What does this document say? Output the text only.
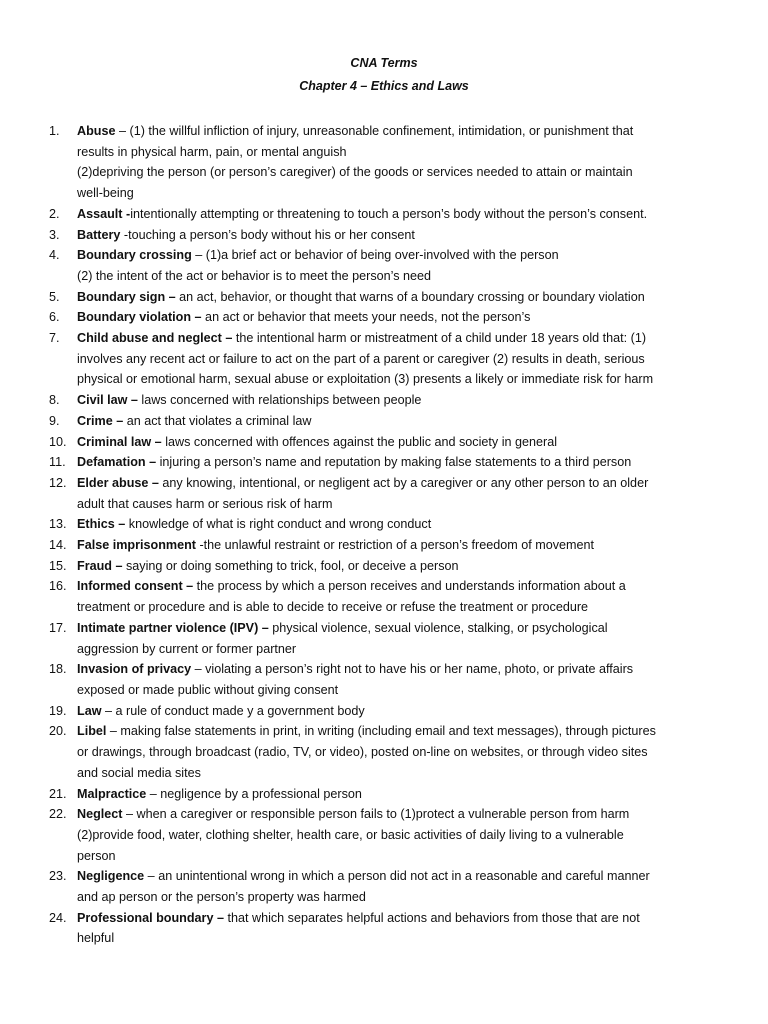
CNA Terms
Chapter 4 – Ethics and Laws
1. Abuse – (1) the willful infliction of injury, unreasonable confinement, intimidation, or punishment that
results in physical harm, pain, or mental anguish
(2)depriving the person (or person’s caregiver) of the goods or services needed to attain or maintain
well-being
2. Assault -intentionally attempting or threatening to touch a person’s body without the person’s consent.
3. Battery -touching a person’s body without his or her consent
4. Boundary crossing – (1)a brief act or behavior of being over-involved with the person
(2) the intent of the act or behavior is to meet the person’s need
5. Boundary sign – an act, behavior, or thought that warns of a boundary crossing or boundary violation
6. Boundary violation – an act or behavior that meets your needs, not the person’s
7. Child abuse and neglect – the intentional harm or mistreatment of a child under 18 years old that: (1)
involves any recent act or failure to act on the part of a parent or caregiver (2) results in death, serious
physical or emotional harm, sexual abuse or exploitation (3) presents a likely or immediate risk for harm
8. Civil law – laws concerned with relationships between people
9. Crime – an act that violates a criminal law
10. Criminal law – laws concerned with offences against the public and society in general
11. Defamation – injuring a person’s name and reputation by making false statements to a third person
12. Elder abuse – any knowing, intentional, or negligent act by a caregiver or any other person to an older
adult that causes harm or serious risk of harm
13. Ethics – knowledge of what is right conduct and wrong conduct
14. False imprisonment -the unlawful restraint or restriction of a person’s freedom of movement
15. Fraud – saying or doing something to trick, fool, or deceive a person
16. Informed consent – the process by which a person receives and understands information about a
treatment or procedure and is able to decide to receive or refuse the treatment or procedure
17. Intimate partner violence (IPV) – physical violence, sexual violence, stalking, or psychological
aggression by current or former partner
18. Invasion of privacy – violating a person’s right not to have his or her name, photo, or private affairs
exposed or made public without giving consent
19. Law – a rule of conduct made y a government body
20. Libel – making false statements in print, in writing (including email and text messages), through pictures
or drawings, through broadcast (radio, TV, or video), posted on-line on websites, or through video sites
and social media sites
21. Malpractice – negligence by a professional person
22. Neglect – when a caregiver or responsible person fails to (1)protect a vulnerable person from harm
(2)provide food, water, clothing shelter, health care, or basic activities of daily living to a vulnerable
person
23. Negligence – an unintentional wrong in which a person did not act in a reasonable and careful manner
and ap person or the person’s property was harmed
24. Professional boundary – that which separates helpful actions and behaviors from those that are not
helpful
